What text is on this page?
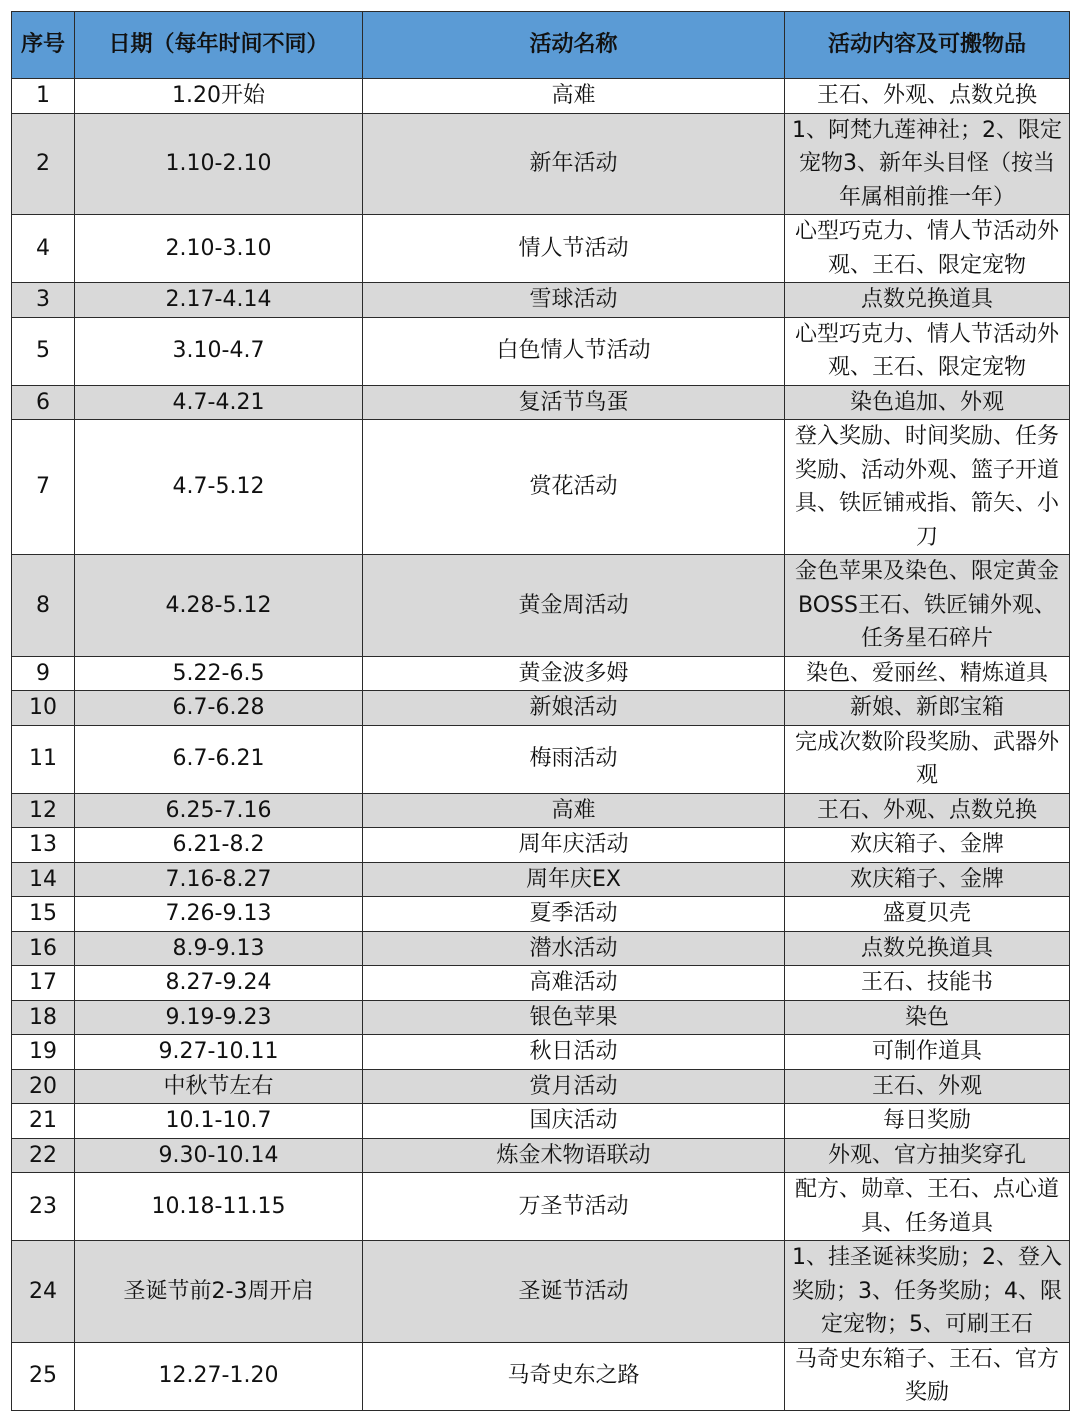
序号	日期（每年时间不同）	活动名称	活动内容及可搬物品
1	1.20开始	高难	王石、外观、点数兑换
2	1.10-2.10	新年活动	1、阿梵九莲神社；2、限定宠物3、新年头目怪（按当年属相前推一年）
4	2.10-3.10	情人节活动	心型巧克力、情人节活动外观、王石、限定宠物
3	2.17-4.14	雪球活动	点数兑换道具
5	3.10-4.7	白色情人节活动	心型巧克力、情人节活动外观、王石、限定宠物
6	4.7-4.21	复活节鸟蛋	染色追加、外观
7	4.7-5.12	赏花活动	登入奖励、时间奖励、任务奖励、活动外观、篮子开道具、铁匠铺戒指、箭矢、小刀
8	4.28-5.12	黄金周活动	金色苹果及染色、限定黄金BOSS王石、铁匠铺外观、任务星石碎片
9	5.22-6.5	黄金波多姆	染色、爱丽丝、精炼道具
10	6.7-6.28	新娘活动	新娘、新郎宝箱
11	6.7-6.21	梅雨活动	完成次数阶段奖励、武器外观
12	6.25-7.16	高难	王石、外观、点数兑换
13	6.21-8.2	周年庆活动	欢庆箱子、金牌
14	7.16-8.27	周年庆EX	欢庆箱子、金牌
15	7.26-9.13	夏季活动	盛夏贝壳
16	8.9-9.13	潜水活动	点数兑换道具
17	8.27-9.24	高难活动	王石、技能书
18	9.19-9.23	银色苹果	染色
19	9.27-10.11	秋日活动	可制作道具
20	中秋节左右	赏月活动	王石、外观
21	10.1-10.7	国庆活动	每日奖励
22	9.30-10.14	炼金术物语联动	外观、官方抽奖穿孔
23	10.18-11.15	万圣节活动	配方、勋章、王石、点心道具、任务道具
24	圣诞节前2-3周开启	圣诞节活动	1、挂圣诞袜奖励；2、登入奖励；3、任务奖励；4、限定宠物；5、可刷王石
25	12.27-1.20	马奇史东之路	马奇史东箱子、王石、官方奖励
